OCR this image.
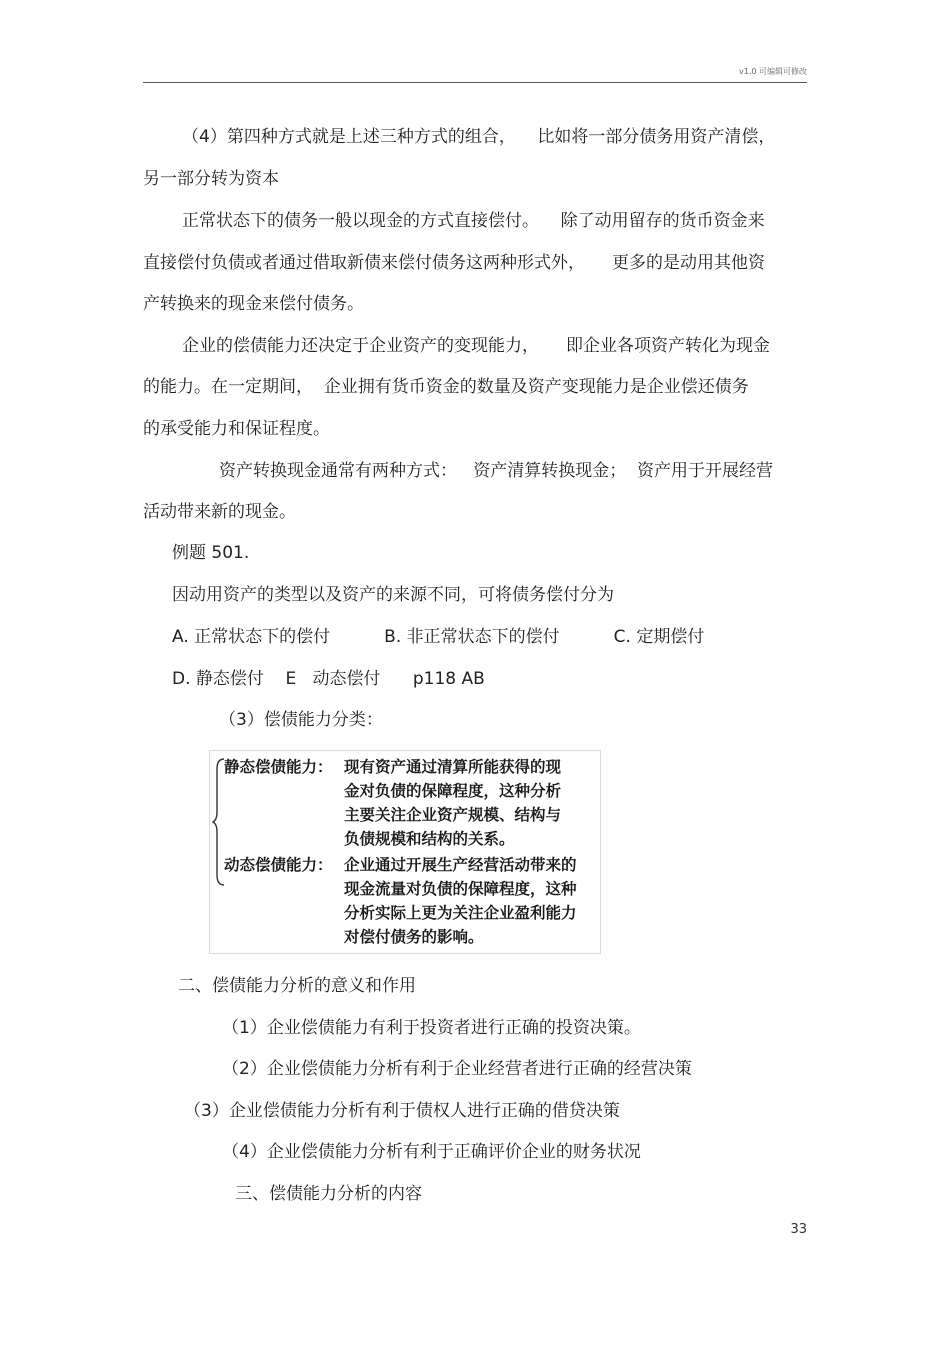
v1.0 可编辑可修改
（4）第四种方式就是上述三种方式的组合，    比如将一部分债务用资产清偿，
另一部分转为资本
正常状态下的债务一般以现金的方式直接偿付。    除了动用留存的货币资金来
直接偿付负债或者通过借取新债来偿付债务这两种形式外，     更多的是动用其他资
产转换来的现金来偿付债务。
企业的偿债能力还决定于企业资产的变现能力，     即企业各项资产转化为现金
的能力。在一定期间，  企业拥有货币资金的数量及资产变现能力是企业偿还债务
的承受能力和保证程度。
资产转换现金通常有两种方式：   资产清算转换现金；  资产用于开展经营
活动带来新的现金。
例题 501.
因动用资产的类型以及资产的来源不同，可将债务偿付分为
A. 正常状态下的偿付          B. 非正常状态下的偿付          C. 定期偿付
D. 静态偿付    E   动态偿付      p118 AB
（3）偿债能力分类：
静态偿债能力： 现有资产通过清算所能获得的现
金对负债的保障程度，这种分析
主要关注企业资产规模、结构与
负债规模和结构的关系。
动态偿债能力： 企业通过开展生产经营活动带来的
现金流量对负债的保障程度，这种
分析实际上更为关注企业盈利能力
对偿付债务的影响。
二、偿债能力分析的意义和作用
（1）企业偿债能力有利于投资者进行正确的投资决策。
（2）企业偿债能力分析有利于企业经营者进行正确的经营决策
（3）企业偿债能力分析有利于债权人进行正确的借贷决策
（4）企业偿债能力分析有利于正确评价企业的财务状况
三、偿债能力分析的内容
33
